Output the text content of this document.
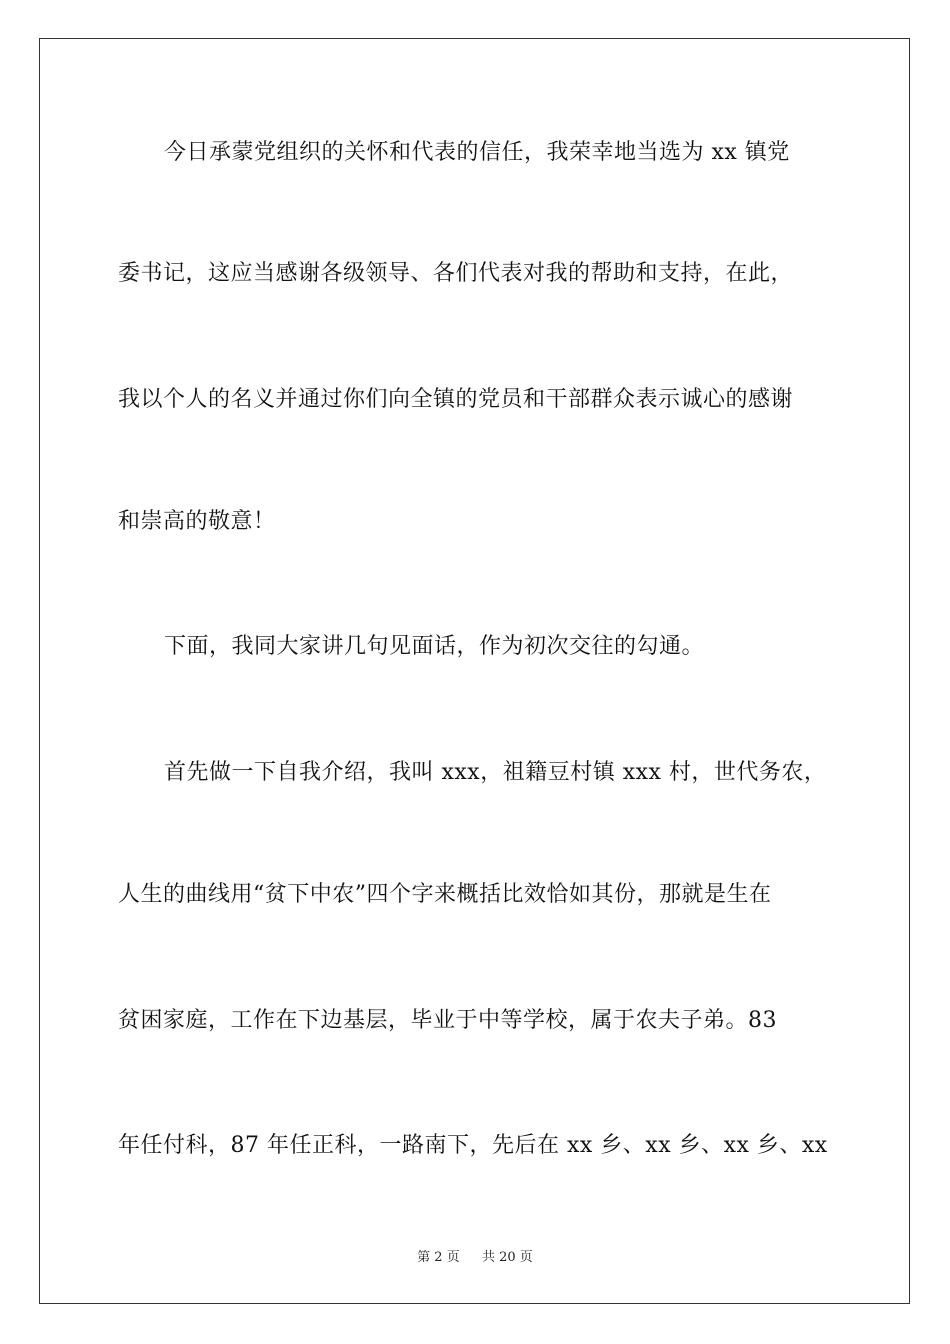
今日承蒙党组织的关怀和代表的信任，我荣幸地当选为 xx 镇党
委书记，这应当感谢各级领导、各们代表对我的帮助和支持，在此，
我以个人的名义并通过你们向全镇的党员和干部群众表示诚心的感谢
和崇高的敬意！
下面，我同大家讲几句见面话，作为初次交往的勾通。
首先做一下自我介绍，我叫 xxx，祖籍豆村镇 xxx 村，世代务农，
人生的曲线用“贫下中农”四个字来概括比效恰如其份，那就是生在
贫困家庭，工作在下边基层，毕业于中等学校，属于农夫子弟。83
年任付科，87 年任正科，一路南下，先后在 xx 乡、xx 乡、xx 乡、xx
第 2 页 共 20 页
